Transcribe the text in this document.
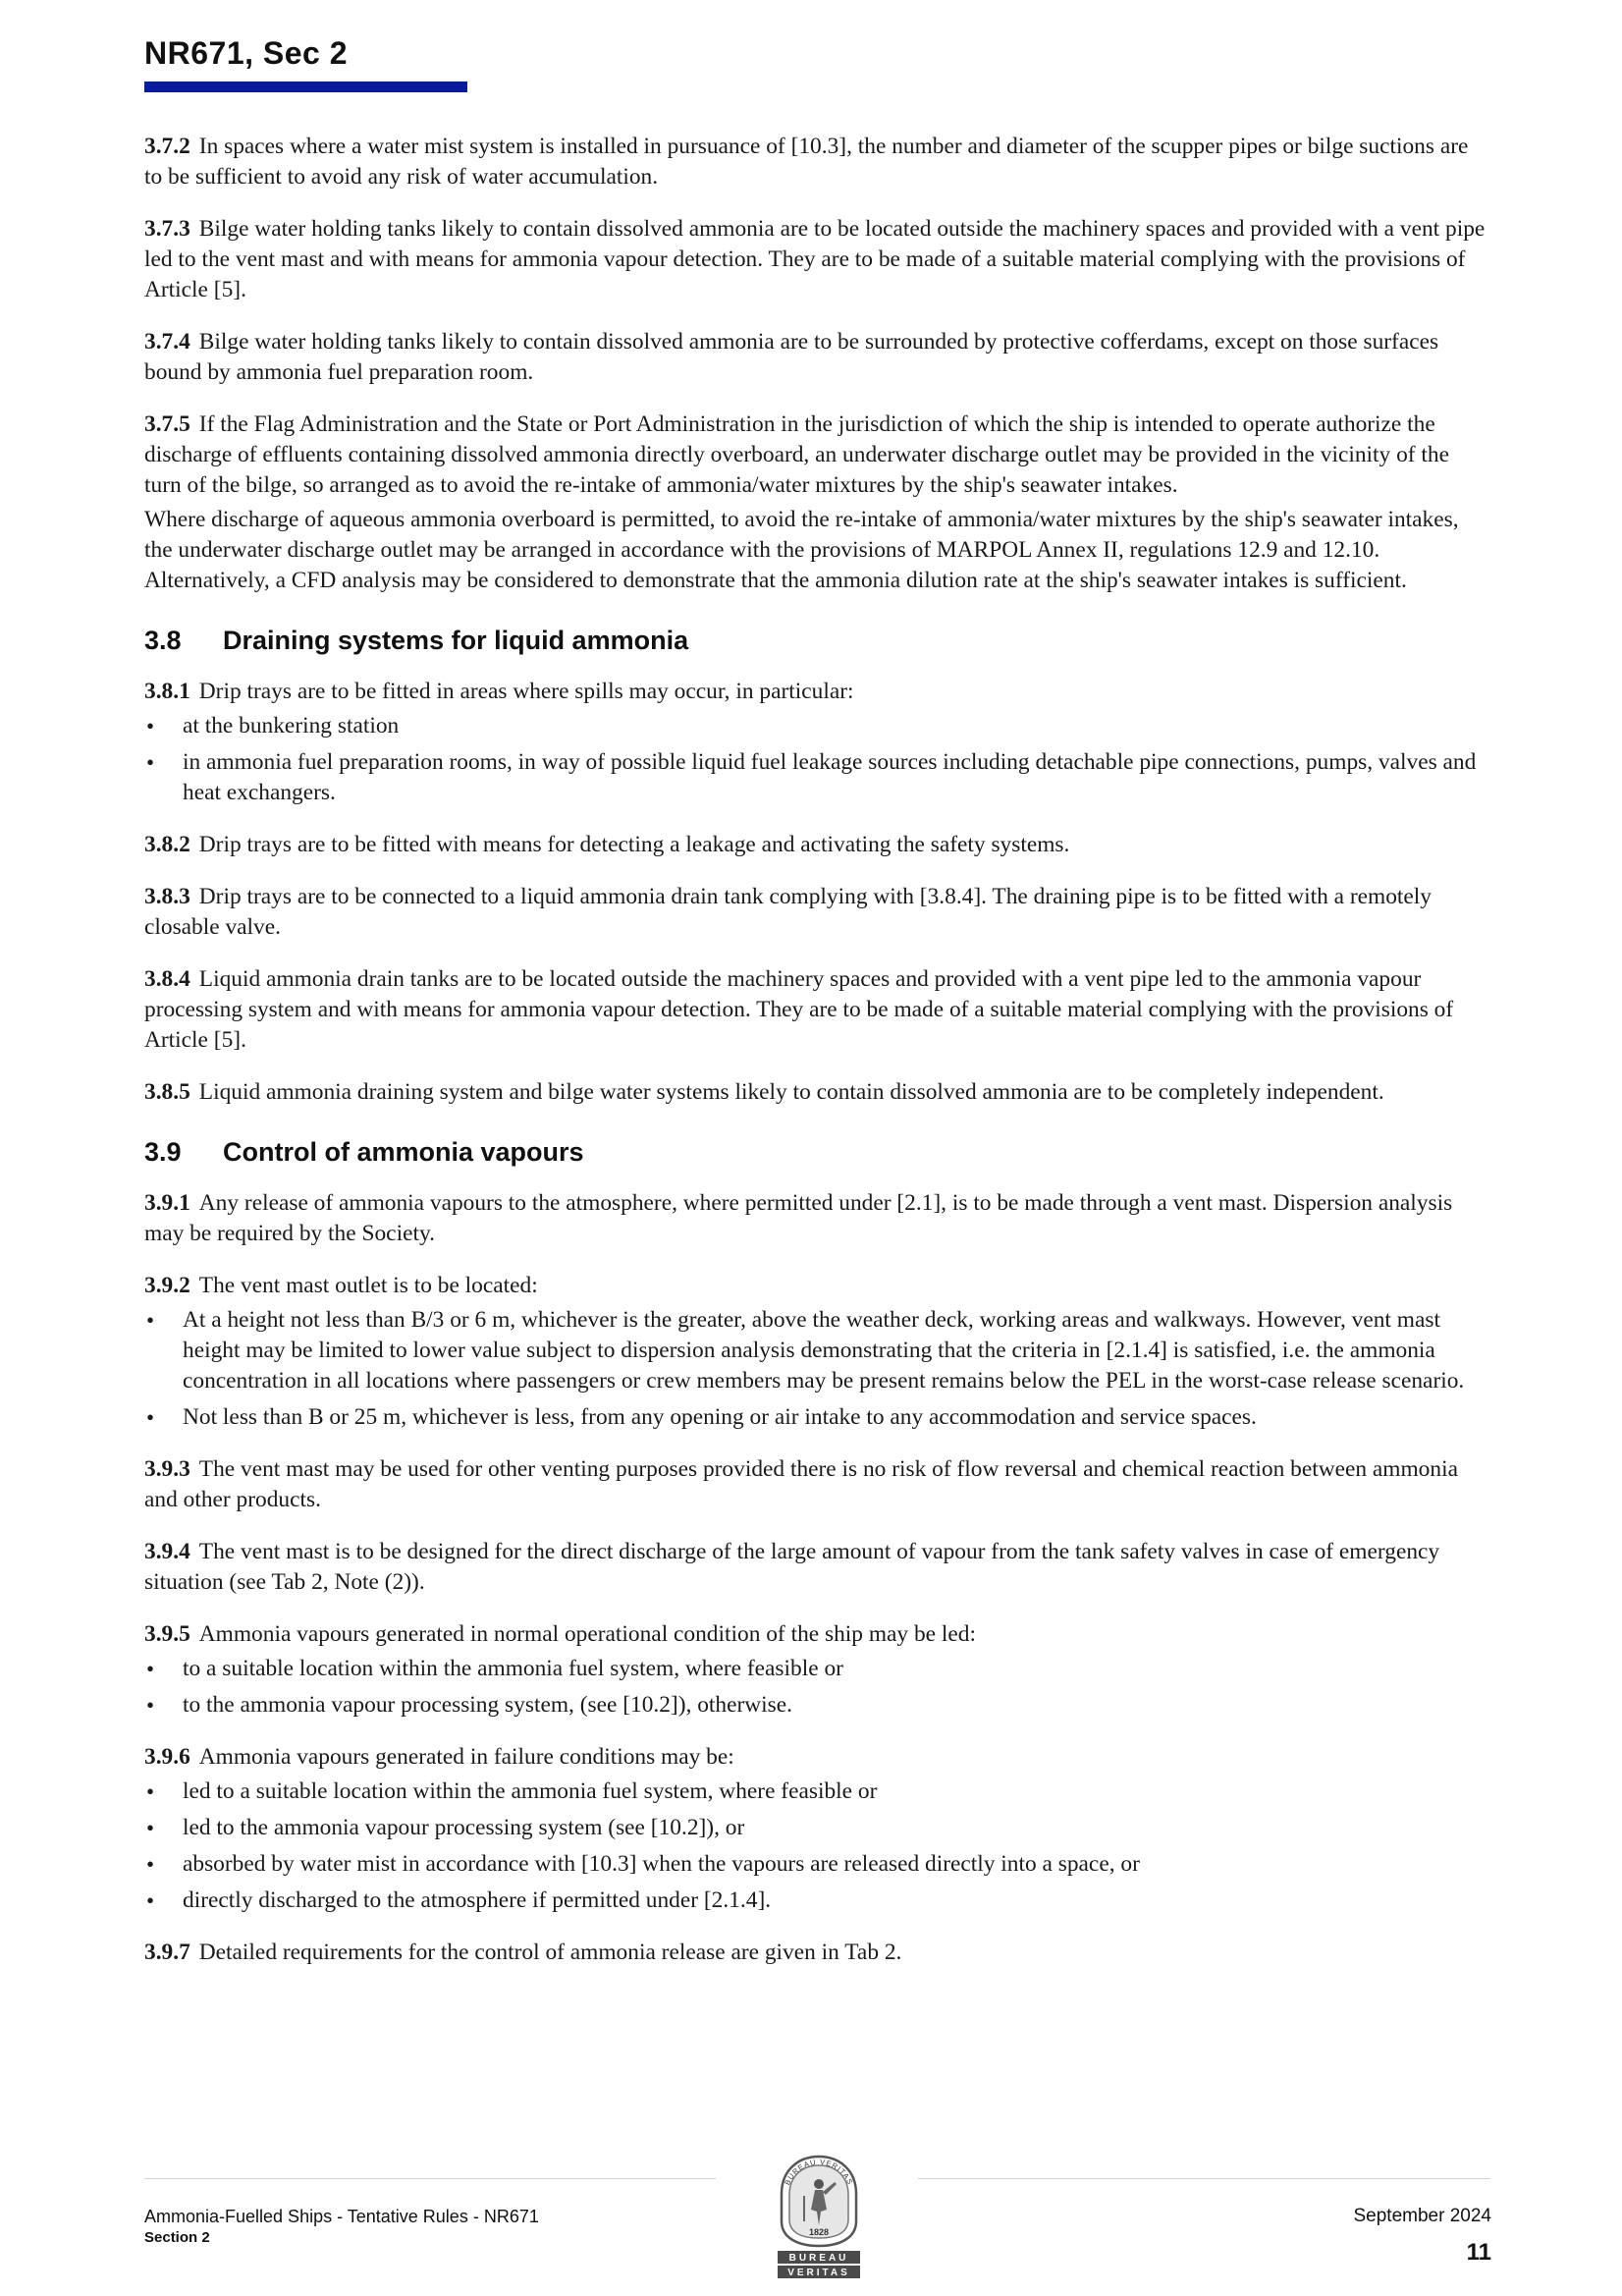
NR671, Sec 2

3.7.2 In spaces where a water mist system is installed in pursuance of [10.3], the number and diameter of the scupper pipes or bilge suctions are to be sufficient to avoid any risk of water accumulation.

3.7.3 Bilge water holding tanks likely to contain dissolved ammonia are to be located outside the machinery spaces and provided with a vent pipe led to the vent mast and with means for ammonia vapour detection. They are to be made of a suitable material complying with the provisions of Article [5].

3.7.4 Bilge water holding tanks likely to contain dissolved ammonia are to be surrounded by protective cofferdams, except on those surfaces bound by ammonia fuel preparation room.

3.7.5 If the Flag Administration and the State or Port Administration in the jurisdiction of which the ship is intended to operate authorize the discharge of effluents containing dissolved ammonia directly overboard, an underwater discharge outlet may be provided in the vicinity of the turn of the bilge, so arranged as to avoid the re-intake of ammonia/water mixtures by the ship's seawater intakes.

Where discharge of aqueous ammonia overboard is permitted, to avoid the re-intake of ammonia/water mixtures by the ship's seawater intakes, the underwater discharge outlet may be arranged in accordance with the provisions of MARPOL Annex II, regulations 12.9 and 12.10. Alternatively, a CFD analysis may be considered to demonstrate that the ammonia dilution rate at the ship's seawater intakes is sufficient.

3.8 Draining systems for liquid ammonia

3.8.1 Drip trays are to be fitted in areas where spills may occur, in particular:

• at the bunkering station
• in ammonia fuel preparation rooms, in way of possible liquid fuel leakage sources including detachable pipe connections, pumps, valves and heat exchangers.

3.8.2 Drip trays are to be fitted with means for detecting a leakage and activating the safety systems.

3.8.3 Drip trays are to be connected to a liquid ammonia drain tank complying with [3.8.4]. The draining pipe is to be fitted with a remotely closable valve.

3.8.4 Liquid ammonia drain tanks are to be located outside the machinery spaces and provided with a vent pipe led to the ammonia vapour processing system and with means for ammonia vapour detection. They are to be made of a suitable material complying with the provisions of Article [5].

3.8.5 Liquid ammonia draining system and bilge water systems likely to contain dissolved ammonia are to be completely independent.

3.9 Control of ammonia vapours

3.9.1 Any release of ammonia vapours to the atmosphere, where permitted under [2.1], is to be made through a vent mast. Dispersion analysis may be required by the Society.

3.9.2 The vent mast outlet is to be located:

• At a height not less than B/3 or 6 m, whichever is the greater, above the weather deck, working areas and walkways. However, vent mast height may be limited to lower value subject to dispersion analysis demonstrating that the criteria in [2.1.4] is satisfied, i.e. the ammonia concentration in all locations where passengers or crew members may be present remains below the PEL in the worst-case release scenario.
• Not less than B or 25 m, whichever is less, from any opening or air intake to any accommodation and service spaces.

3.9.3 The vent mast may be used for other venting purposes provided there is no risk of flow reversal and chemical reaction between ammonia and other products.

3.9.4 The vent mast is to be designed for the direct discharge of the large amount of vapour from the tank safety valves in case of emergency situation (see Tab 2, Note (2)).

3.9.5 Ammonia vapours generated in normal operational condition of the ship may be led:

• to a suitable location within the ammonia fuel system, where feasible or
• to the ammonia vapour processing system, (see [10.2]), otherwise.

3.9.6 Ammonia vapours generated in failure conditions may be:

• led to a suitable location within the ammonia fuel system, where feasible or
• led to the ammonia vapour processing system (see [10.2]), or
• absorbed by water mist in accordance with [10.3] when the vapours are released directly into a space, or
• directly discharged to the atmosphere if permitted under [2.1.4].

3.9.7 Detailed requirements for the control of ammonia release are given in Tab 2.

Ammonia-Fuelled Ships - Tentative Rules - NR671
Section 2
BUREAU VERITAS
1828
BUREAU
VERITAS
September 2024
11
